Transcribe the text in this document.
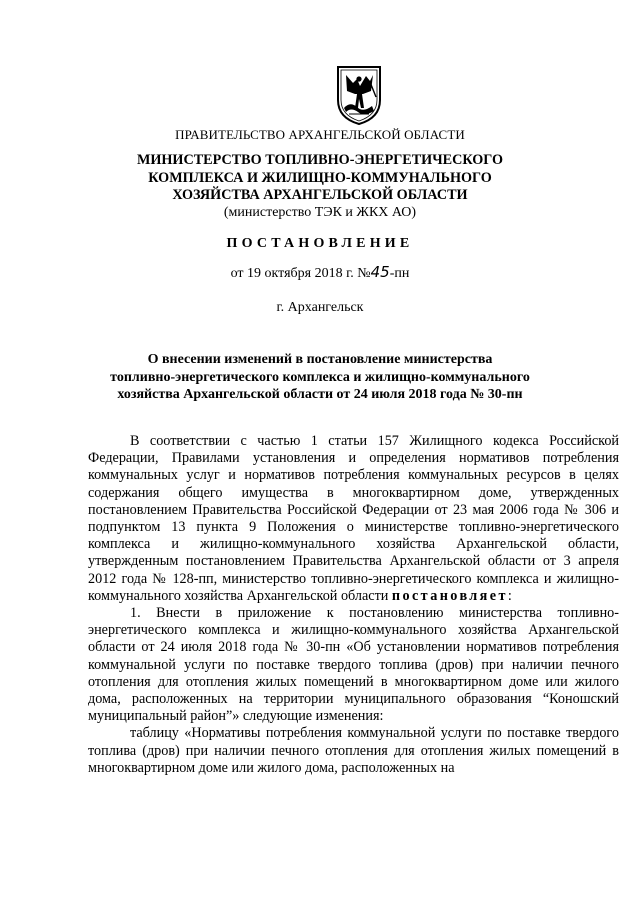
ПРАВИТЕЛЬСТВО АРХАНГЕЛЬСКОЙ ОБЛАСТИ
МИНИСТЕРСТВО ТОПЛИВНО-ЭНЕРГЕТИЧЕСКОГО
КОМПЛЕКСА И ЖИЛИЩНО-КОММУНАЛЬНОГО
ХОЗЯЙСТВА АРХАНГЕЛЬСКОЙ ОБЛАСТИ
(министерство ТЭК и ЖКХ АО)
ПОСТАНОВЛЕНИЕ
от 19 октября 2018 г. №45-пн
г. Архангельск
О внесении изменений в постановление министерства
топливно-энергетического комплекса и жилищно-коммунального
хозяйства Архангельской области от 24 июля 2018 года № 30-пн

В соответствии с частью 1 статьи 157 Жилищного кодекса Российской Федерации, Правилами установления и определения нормативов потребления коммунальных услуг и нормативов потребления коммунальных ресурсов в целях содержания общего имущества в многоквартирном доме, утвержденных постановлением Правительства Российской Федерации от 23 мая 2006 года № 306 и подпунктом 13 пункта 9 Положения о министерстве топливно-энергетического комплекса и жилищно-коммунального хозяйства Архангельской области, утвержденным постановлением Правительства Архангельской области от 3 апреля 2012 года № 128-пп, министерство топливно-энергетического комплекса и жилищно-коммунального хозяйства Архангельской области постановляет:

1. Внести в приложение к постановлению министерства топливно-энергетического комплекса и жилищно-коммунального хозяйства Архангельской области от 24 июля 2018 года № 30-пн «Об установлении нормативов потребления коммунальной услуги по поставке твердого топлива (дров) при наличии печного отопления для отопления жилых помещений в многоквартирном доме или жилого дома, расположенных на территории муниципального образования “Коношский муниципальный район”» следующие изменения:

таблицу «Нормативы потребления коммунальной услуги по поставке твердого топлива (дров) при наличии печного отопления для отопления жилых помещений в многоквартирном доме или жилого дома, расположенных на
